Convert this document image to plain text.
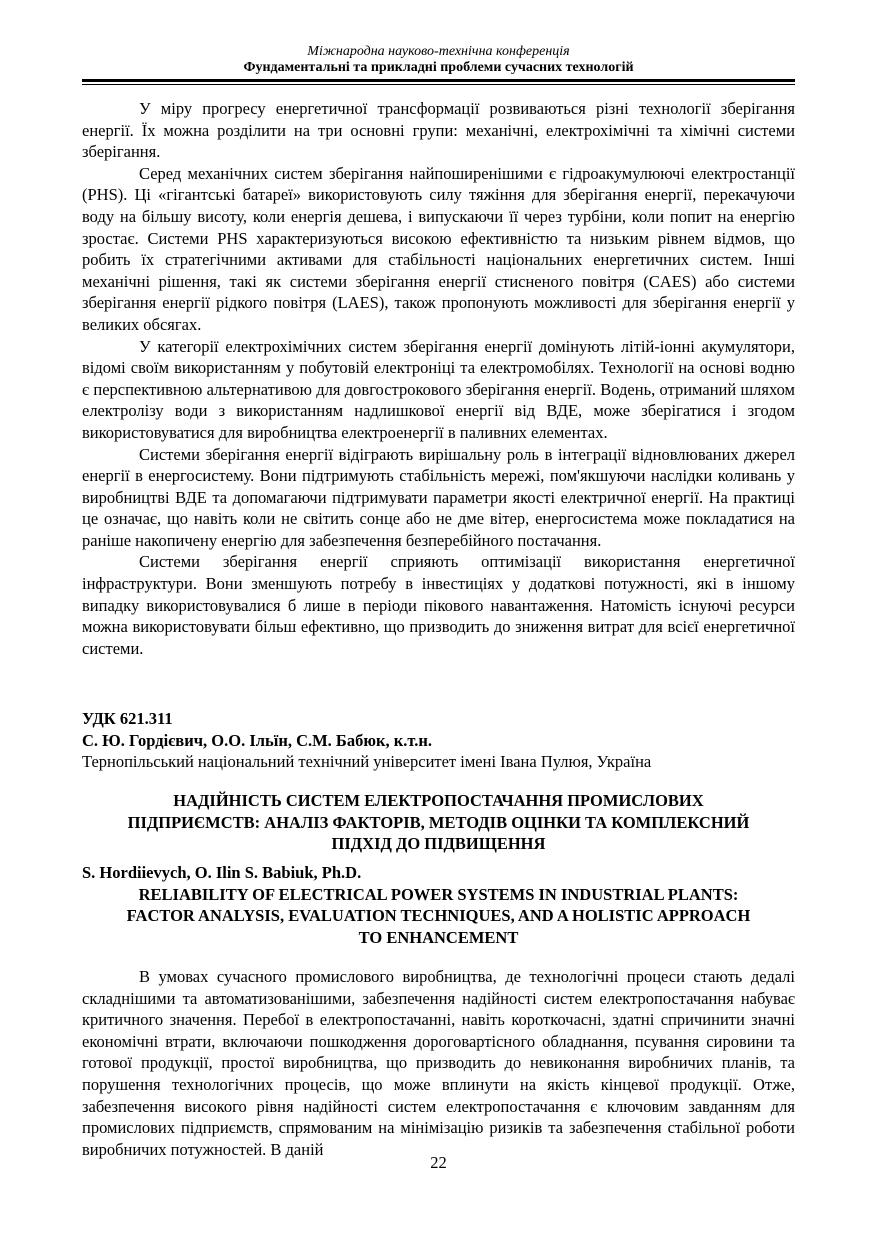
Міжнародна науково-технічна конференція
Фундаментальні та прикладні проблеми сучасних технологій

У міру прогресу енергетичної трансформації розвиваються різні технології зберігання енергії. Їх можна розділити на три основні групи: механічні, електрохімічні та хімічні системи зберігання.

Серед механічних систем зберігання найпоширенішими є гідроакумулюючі електростанції (PHS). Ці «гігантські батареї» використовують силу тяжіння для зберігання енергії, перекачуючи воду на більшу висоту, коли енергія дешева, і випускаючи її через турбіни, коли попит на енергію зростає. Системи PHS характеризуються високою ефективністю та низьким рівнем відмов, що робить їх стратегічними активами для стабільності національних енергетичних систем. Інші механічні рішення, такі як системи зберігання енергії стисненого повітря (CAES) або системи зберігання енергії рідкого повітря (LAES), також пропонують можливості для зберігання енергії у великих обсягах.

У категорії електрохімічних систем зберігання енергії домінують літій-іонні акумулятори, відомі своїм використанням у побутовій електроніці та електромобілях. Технології на основі водню є перспективною альтернативою для довгострокового зберігання енергії. Водень, отриманий шляхом електролізу води з використанням надлишкової енергії від ВДЕ, може зберігатися і згодом використовуватися для виробництва електроенергії в паливних елементах.

Системи зберігання енергії відіграють вирішальну роль в інтеграції відновлюваних джерел енергії в енергосистему. Вони підтримують стабільність мережі, пом'якшуючи наслідки коливань у виробництві ВДЕ та допомагаючи підтримувати параметри якості електричної енергії. На практиці це означає, що навіть коли не світить сонце або не дме вітер, енергосистема може покладатися на раніше накопичену енергію для забезпечення безперебійного постачання.

Системи зберігання енергії сприяють оптимізації використання енергетичної інфраструктури. Вони зменшують потребу в інвестиціях у додаткові потужності, які в іншому випадку використовувалися б лише в періоди пікового навантаження. Натомість існуючі ресурси можна використовувати більш ефективно, що призводить до зниження витрат для всієї енергетичної системи.

УДК 621.311
С. Ю. Гордієвич, О.О. Ільїн, С.М. Бабюк, к.т.н.
Тернопільський національний технічний університет імені Івана Пулюя, Україна
НАДІЙНІСТЬ СИСТЕМ ЕЛЕКТРОПОСТАЧАННЯ ПРОМИСЛОВИХ
ПІДПРИЄМСТВ: АНАЛІЗ ФАКТОРІВ, МЕТОДІВ ОЦІНКИ ТА КОМПЛЕКСНИЙ
ПІДХІД ДО ПІДВИЩЕННЯ
S. Hordiievych, O. Ilin S. Babiuk, Ph.D.
RELIABILITY OF ELECTRICAL POWER SYSTEMS IN INDUSTRIAL PLANTS:
FACTOR ANALYSIS, EVALUATION TECHNIQUES, AND A HOLISTIC APPROACH
TO ENHANCEMENT

В умовах сучасного промислового виробництва, де технологічні процеси стають дедалі складнішими та автоматизованішими, забезпечення надійності систем електропостачання набуває критичного значення. Перебої в електропостачанні, навіть короткочасні, здатні спричинити значні економічні втрати, включаючи пошкодження дороговартісного обладнання, псування сировини та готової продукції, простої виробництва, що призводить до невиконання виробничих планів, та порушення технологічних процесів, що може вплинути на якість кінцевої продукції. Отже, забезпечення високого рівня надійності систем електропостачання є ключовим завданням для промислових підприємств, спрямованим на мінімізацію ризиків та забезпечення стабільної роботи виробничих потужностей. В даній

22
